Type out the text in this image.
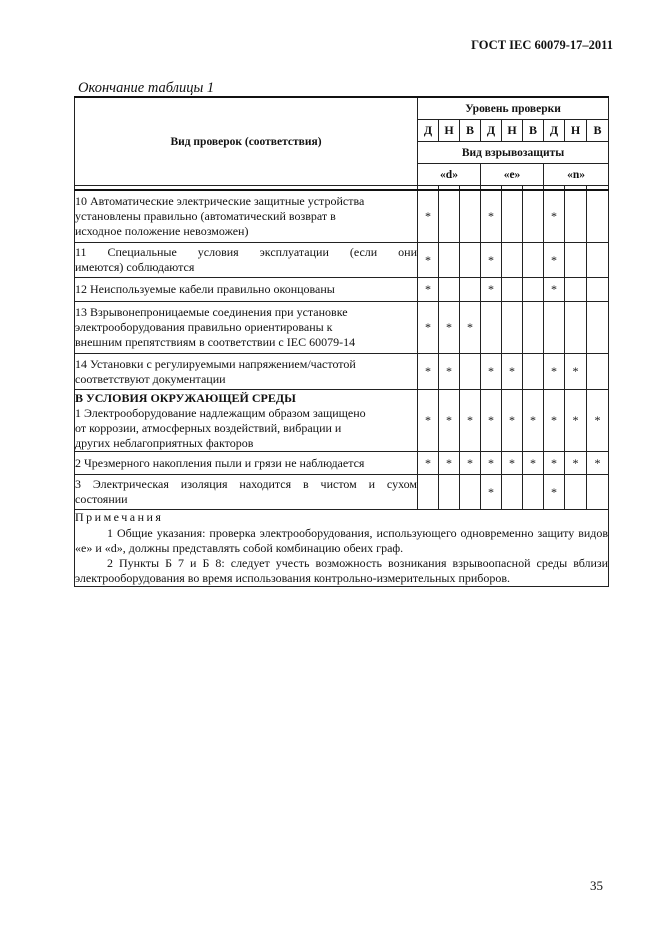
ГОСТ IEC 60079-17–2011
Окончание таблицы 1
Вид проверок (соответствия)	Уровень проверки								
	Д	Н	В	Д	Н	В	Д	Н	В
	Вид взрывозащиты								
	«d»			«e»			«n»		

10 Автоматические электрические защитные устройства
установлены правильно (автоматический возврат в
исходное положение невозможен)	*			*			*		

11 Специальные условия эксплуатации (если они
имеются) соблюдаются	*			*			*		

12 Неиспользуемые кабели правильно оконцованы	*			*			*		

13 Взрывонепроницаемые соединения при установке
электрооборудования правильно ориентированы к
внешним препятствиям в соответствии с IEC 60079-14	*	*	*						

14 Установки с регулируемыми напряжением/частотой
соответствуют документации	*	*		*	*		*	*	

В УСЛОВИЯ ОКРУЖАЮЩЕЙ СРЕДЫ
1 Электрооборудование надлежащим образом защищено
от коррозии, атмосферных воздействий, вибрации и
других неблагоприятных факторов	*	*	*	*	*	*	*	*	*

2 Чрезмерного накопления пыли и грязи не наблюдается	*	*	*	*	*	*	*	*	*

3 Электрическая изоляция находится в чистом и сухом
состоянии				*			*		

Примечания
1 Общие указания: проверка электрооборудования, использующего одновременно защиту видов «e» и «d», должны представлять собой комбинацию обеих граф.
2 Пункты Б 7 и Б 8: следует учесть возможность возникания взрывоопасной среды вблизи электрооборудования во время использования контрольно-измерительных приборов.									
35
